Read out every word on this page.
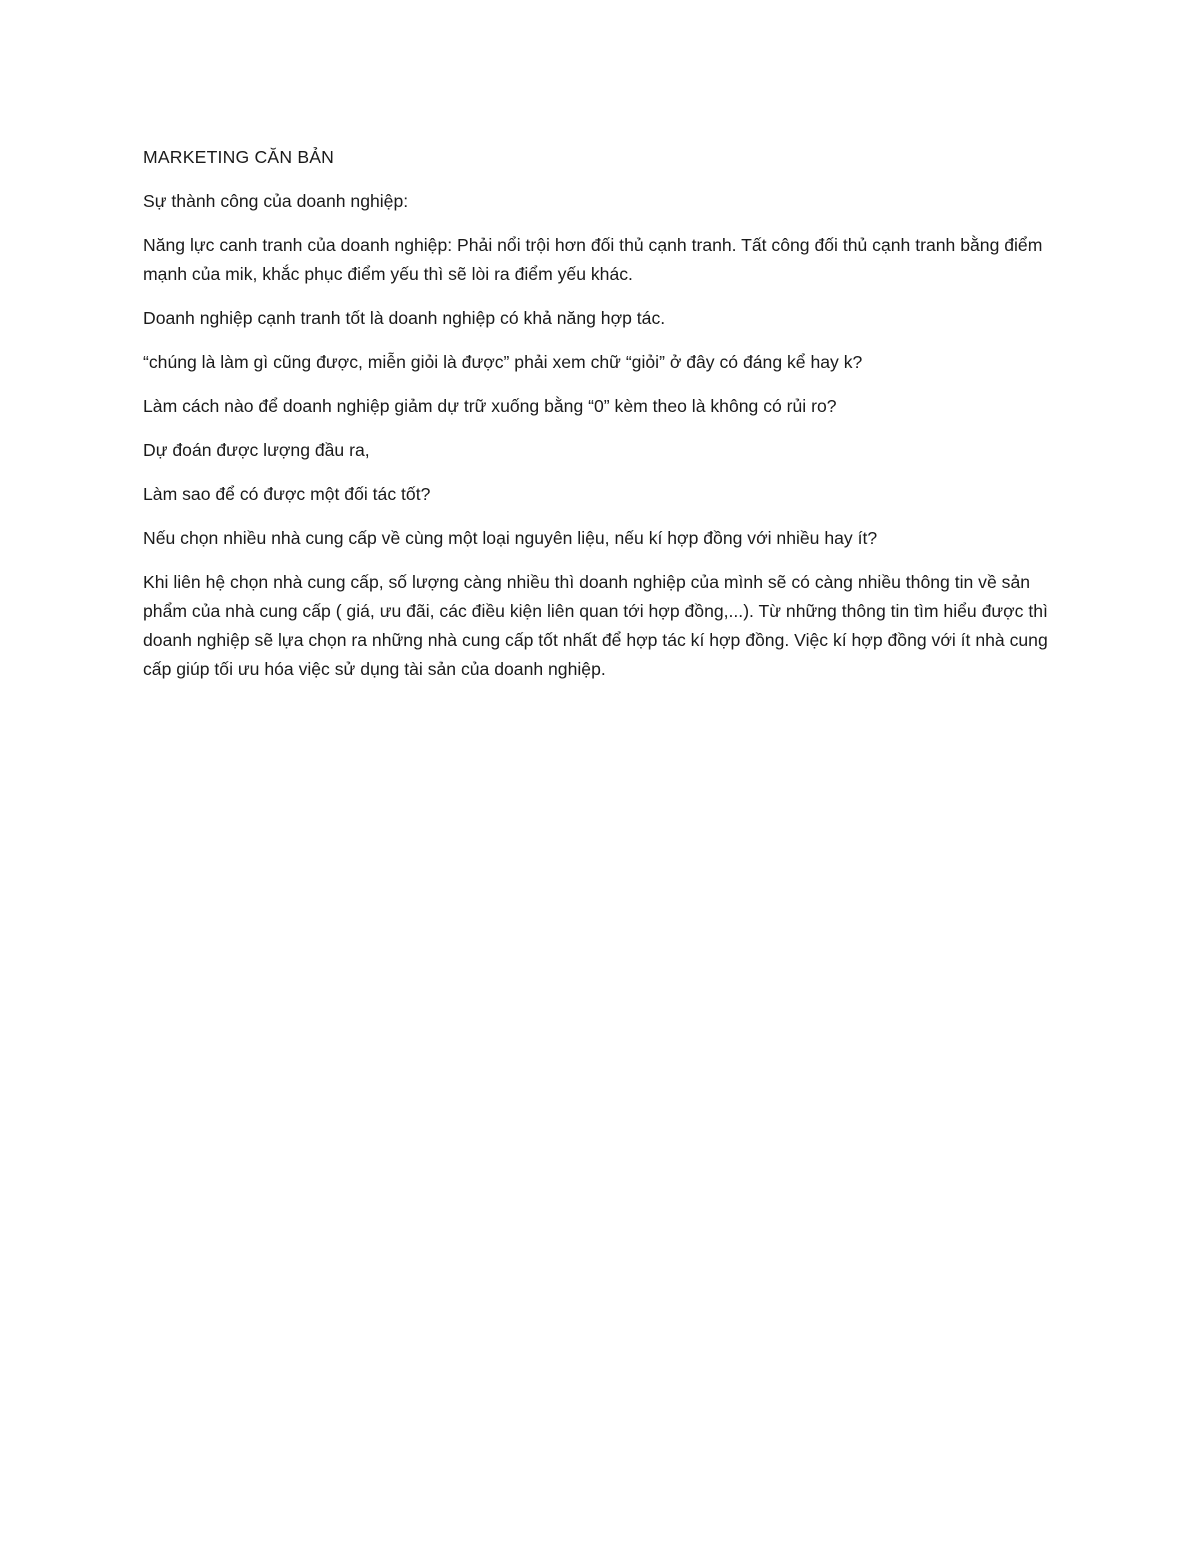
MARKETING CĂN BẢN

Sự thành công của doanh nghiệp:

Năng lực canh tranh của doanh nghiệp: Phải nổi trội hơn đối thủ cạnh tranh. Tất công đối thủ cạnh tranh bằng điểm mạnh của mik, khắc phục điểm yếu thì sẽ lòi ra điểm yếu khác.

Doanh nghiệp cạnh tranh tốt là doanh nghiệp có khả năng hợp tác.

“chúng là làm gì cũng được, miễn giỏi là được” phải xem chữ “giỏi” ở đây có đáng kể hay k?

Làm cách nào để doanh nghiệp giảm dự trữ xuống bằng “0” kèm theo là không có rủi ro?

Dự đoán được lượng đầu ra,

Làm sao để có được một đối tác tốt?

Nếu chọn nhiều nhà cung cấp về cùng một loại nguyên liệu, nếu kí hợp đồng với nhiều hay ít?

Khi liên hệ chọn nhà cung cấp, số lượng càng nhiều thì doanh nghiệp của mình sẽ có càng nhiều thông tin về sản phẩm của nhà cung cấp ( giá, ưu đãi, các điều kiện liên quan tới hợp đồng,...). Từ những thông tin tìm hiểu được thì doanh nghiệp sẽ lựa chọn ra những nhà cung cấp tốt nhất để hợp tác kí hợp đồng. Việc kí hợp đồng với ít nhà cung cấp giúp tối ưu hóa việc sử dụng tài sản của doanh nghiệp.
